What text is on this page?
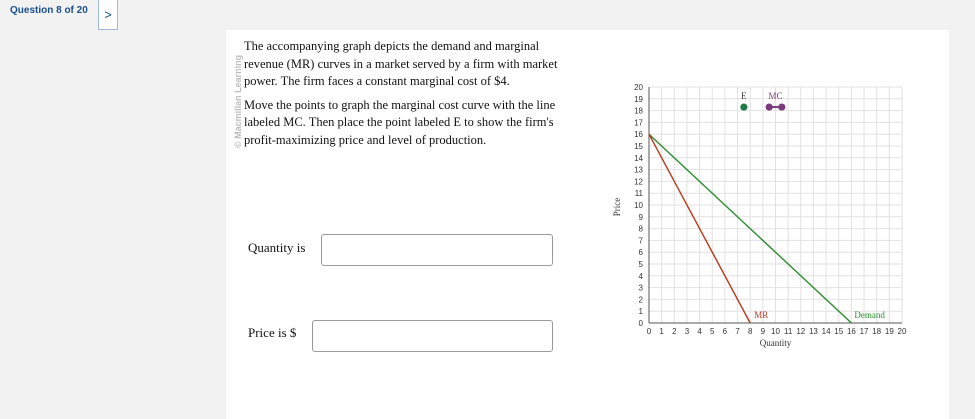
Question 8 of 20 >
© Macmillan Learning

The accompanying graph depicts the demand and marginal revenue (MR) curves in a market served by a firm with market power. The firm faces a constant marginal cost of $4.

Move the points to graph the marginal cost curve with the line labeled MC. Then place the point labeled E to show the firm's profit-maximizing price and level of production.

Quantity is
Price is $	0 1 2 3 4 5 6 7 8 9 10 11 12 13 14 15 16 17 18 19 20
0
1
2
3
4
5
6
7
8
9
10
11
12
13
14
15
16
17
18
19
20
Quantity
Price
Demand
MR
E MC
